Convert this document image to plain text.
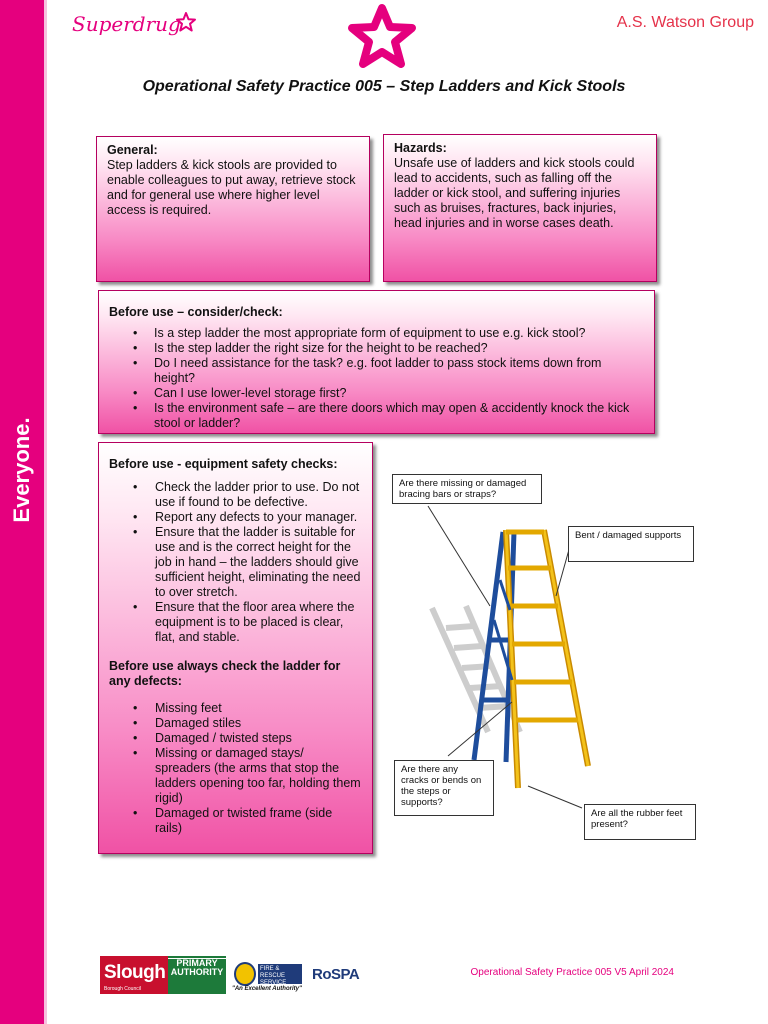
Everyone.
Superdrug	A.S. Watson Group
Operational Safety Practice 005 – Step Ladders and Kick Stools
General:

Step ladders & kick stools are provided to enable colleagues to put away, retrieve stock and for general use where higher level access is required.

Hazards:

Unsafe use of ladders and kick stools could lead to accidents, such as falling off the ladder or kick stool, and suffering injuries such as bruises, fractures, back injuries, head injuries and in worse cases death.

Before use – consider/check:
• Is a step ladder the most appropriate form of equipment to use e.g. kick stool?
• Is the step ladder the right size for the height to be reached?
• Do I need assistance for the task? e.g. foot ladder to pass stock items down from height?
• Can I use lower-level storage first?
• Is the environment safe – are there doors which may open & accidently knock the kick stool or ladder?
Before use - equipment safety checks:
• Check the ladder prior to use. Do not use if found to be defective.
• Report any defects to your manager.
• Ensure that the ladder is suitable for use and is the correct height for the job in hand – the ladders should give sufficient height, eliminating the need to over stretch.
• Ensure that the floor area where the equipment is to be placed is clear, flat, and stable.

Before use always check the ladder for any defects:

• Missing feet
• Damaged stiles
• Damaged / twisted steps
• Missing or damaged stays/ spreaders (the arms that stop the ladders opening too far, holding them rigid)
• Damaged or twisted frame (side rails)
Are there missing or damaged bracing bars or straps?
Bent / damaged supports
Are there any cracks or bends on the steps or supports?
Are all the rubber feet present?
Slough
Borough Council
PRIMARY AUTHORITY	FIRE & RESCUE SERVICE
"An Excellent Authority"
RoSPA	Operational Safety Practice 005 V5 April 2024
